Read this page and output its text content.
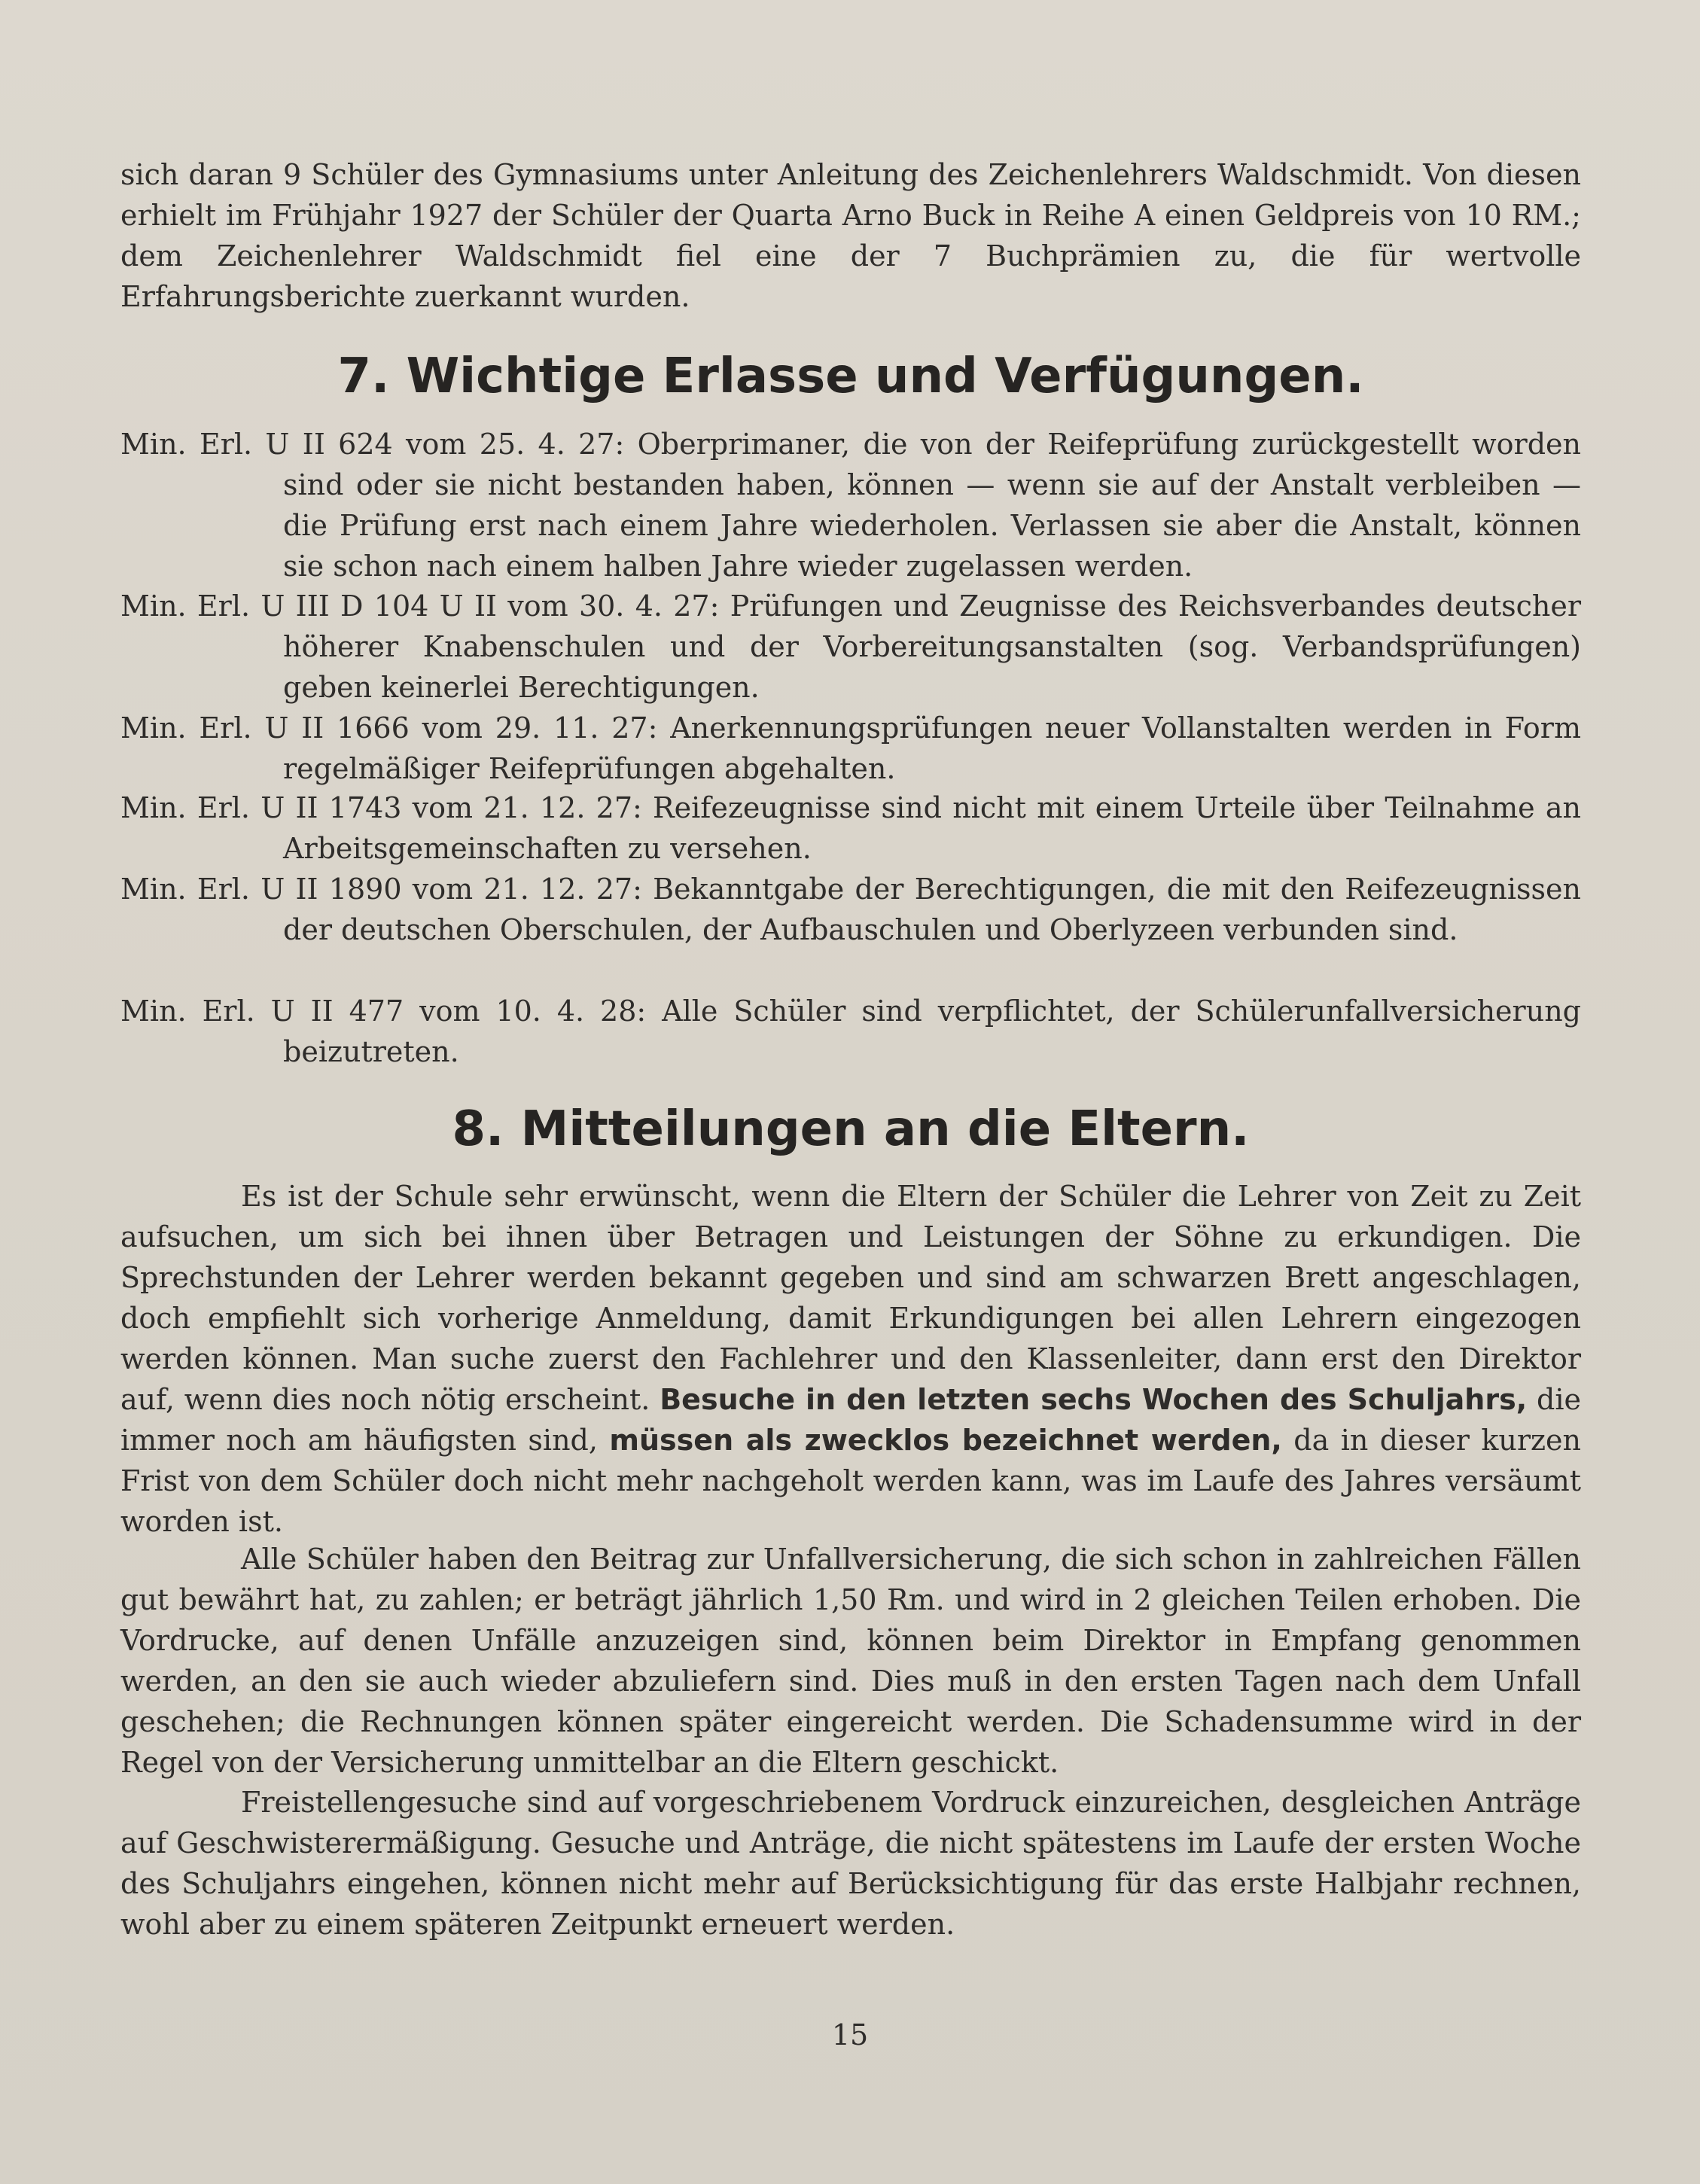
sich daran 9 Schüler des Gymnasiums unter Anleitung des Zeichenlehrers Waldschmidt. Von diesen erhielt im Frühjahr 1927 der Schüler der Quarta Arno Buck in Reihe A einen Geldpreis von 10 RM.; dem Zeichenlehrer Waldschmidt fiel eine der 7 Buchprämien zu, die für wertvolle Erfahrungsberichte zuerkannt wurden.

7. Wichtige Erlasse und Verfügungen.

Min. Erl. U II 624 vom 25. 4. 27: Oberprimaner, die von der Reifeprüfung zurückgestellt worden sind oder sie nicht bestanden haben, können — wenn sie auf der Anstalt verbleiben — die Prüfung erst nach einem Jahre wiederholen. Verlassen sie aber die Anstalt, können sie schon nach einem halben Jahre wieder zugelassen werden.

Min. Erl. U III D 104 U II vom 30. 4. 27: Prüfungen und Zeugnisse des Reichsverbandes deutscher höherer Knabenschulen und der Vorbereitungsanstalten (sog. Verbandsprüfungen) geben keinerlei Berechtigungen.

Min. Erl. U II 1666 vom 29. 11. 27: Anerkennungsprüfungen neuer Vollanstalten werden in Form regelmäßiger Reifeprüfungen abgehalten.

Min. Erl. U II 1743 vom 21. 12. 27: Reifezeugnisse sind nicht mit einem Urteile über Teilnahme an Arbeitsgemeinschaften zu versehen.

Min. Erl. U II 1890 vom 21. 12. 27: Bekanntgabe der Berechtigungen, die mit den Reifezeugnissen der deutschen Oberschulen, der Aufbauschulen und Oberlyzeen verbunden sind.

Min. Erl. U II 477 vom 10. 4. 28: Alle Schüler sind verpflichtet, der Schülerunfallversicherung beizutreten.

8. Mitteilungen an die Eltern.

Es ist der Schule sehr erwünscht, wenn die Eltern der Schüler die Lehrer von Zeit zu Zeit aufsuchen, um sich bei ihnen über Betragen und Leistungen der Söhne zu erkundigen. Die Sprechstunden der Lehrer werden bekannt gegeben und sind am schwarzen Brett angeschlagen, doch empfiehlt sich vorherige Anmeldung, damit Erkundigungen bei allen Lehrern eingezogen werden können. Man suche zuerst den Fachlehrer und den Klassenleiter, dann erst den Direktor auf, wenn dies noch nötig erscheint. Besuche in den letzten sechs Wochen des Schuljahrs, die immer noch am häufigsten sind, müssen als zwecklos bezeichnet werden, da in dieser kurzen Frist von dem Schüler doch nicht mehr nachgeholt werden kann, was im Laufe des Jahres versäumt worden ist.

Alle Schüler haben den Beitrag zur Unfallversicherung, die sich schon in zahlreichen Fällen gut bewährt hat, zu zahlen; er beträgt jährlich 1,50 Rm. und wird in 2 gleichen Teilen erhoben. Die Vordrucke, auf denen Unfälle anzuzeigen sind, können beim Direktor in Empfang genommen werden, an den sie auch wieder abzuliefern sind. Dies muß in den ersten Tagen nach dem Unfall geschehen; die Rechnungen können später eingereicht werden. Die Schadensumme wird in der Regel von der Versicherung unmittelbar an die Eltern geschickt.

Freistellengesuche sind auf vorgeschriebenem Vordruck einzureichen, desgleichen Anträge auf Geschwisterermäßigung. Gesuche und Anträge, die nicht spätestens im Laufe der ersten Woche des Schuljahrs eingehen, können nicht mehr auf Berücksichtigung für das erste Halbjahr rechnen, wohl aber zu einem späteren Zeitpunkt erneuert werden.

15
